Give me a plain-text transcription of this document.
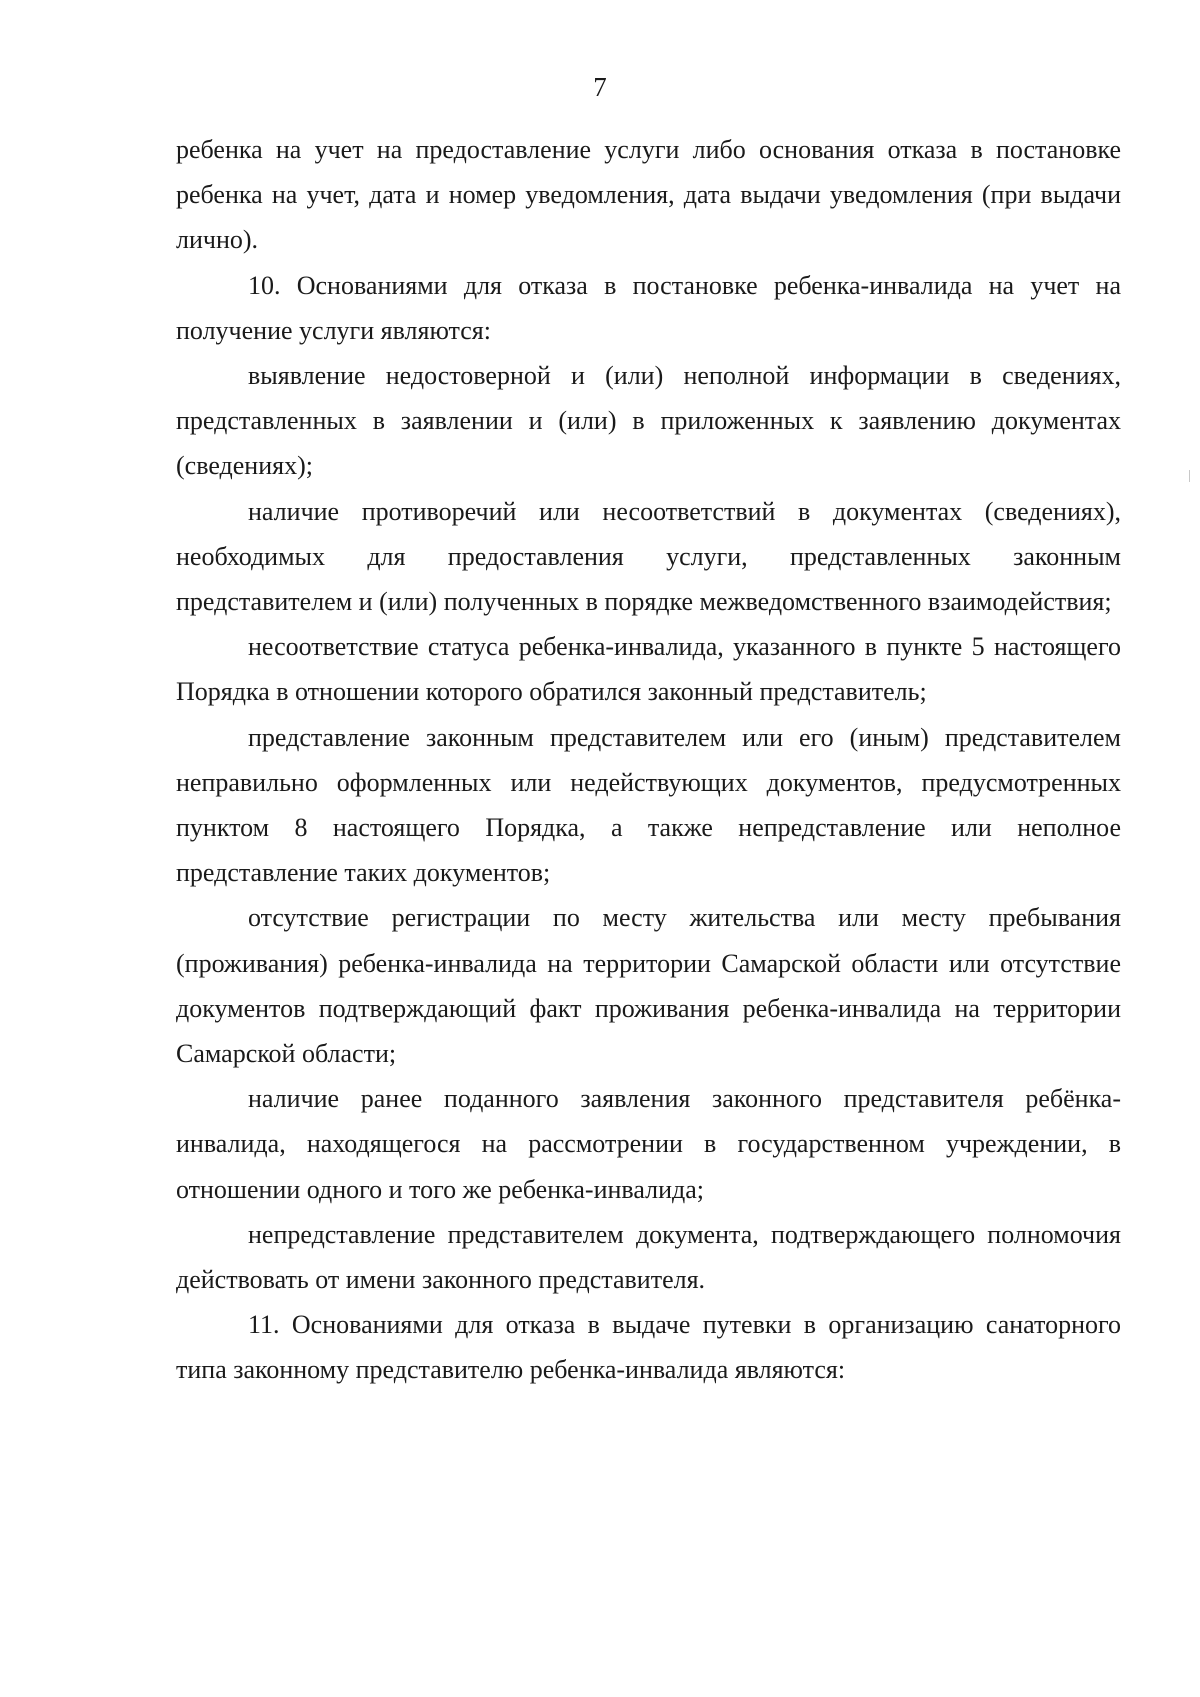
7

ребенка на учет на предоставление услуги либо основания отказа в постановке ребенка на учет, дата и номер уведомления, дата выдачи уведомления (при выдачи лично).

10. Основаниями для отказа в постановке ребенка-инвалида на учет на получение услуги являются:

выявление недостоверной и (или) неполной информации в сведениях, представленных в заявлении и (или) в приложенных к заявлению документах (сведениях);

наличие противоречий или несоответствий в документах (сведениях), необходимых для предоставления услуги, представленных законным представителем и (или) полученных в порядке межведомственного взаимодействия;

несоответствие статуса ребенка-инвалида, указанного в пункте 5 настоящего Порядка в отношении которого обратился законный представитель;

представление законным представителем или его (иным) представителем неправильно оформленных или недействующих документов, предусмотренных пунктом 8 настоящего Порядка, а также непредставление или неполное представление таких документов;

отсутствие регистрации по месту жительства или месту пребывания (проживания) ребенка-инвалида на территории Самарской области или отсутствие документов подтверждающий факт проживания ребенка-инвалида на территории Самарской области;

наличие ранее поданного заявления законного представителя ребёнка-инвалида, находящегося на рассмотрении в государственном учреждении, в отношении одного и того же ребенка-инвалида;

непредставление представителем документа, подтверждающего полномочия действовать от имени законного представителя.

11. Основаниями для отказа в выдаче путевки в организацию санаторного типа законному представителю ребенка-инвалида являются:
